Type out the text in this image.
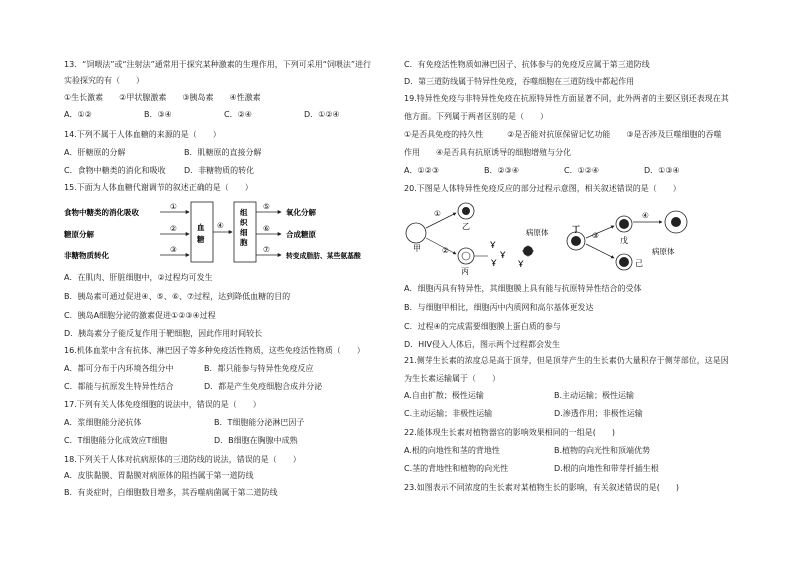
13．“饲喂法”或“注射法”通常用于探究某种激素的生理作用，下列可采用“饲喂法”进行
实验探究的有（　　）
①生长激素　　②甲状腺激素　　③胰岛素　　④性激素
A．①②	B．③④	C．②④	D．①②④
14.下列不属于人体血糖的来源的是（　　）
A．肝糖原的分解	B．肌糖原的直接分解
C．食物中糖类的消化和吸收 D．非糖物质的转化
15.下面为人体血糖代谢调节的叙述正确的是（　　）
食物中糖类的消化吸收
糖原分解
非糖物质转化
①
②
③
血糖
④
组织细胞
⑤
⑥
⑦
氧化分解
合成糖原
转变成脂肪、某些氨基酸
A．在肌肉、肝脏细胞中，②过程均可发生
B．胰岛素可通过促进④、⑤、⑥、⑦过程，达到降低血糖的目的
C．胰岛A细胞分泌的激素促进①②③④过程
D．胰岛素分子能反复作用于靶细胞，因此作用时间较长
16.机体血浆中含有抗体、淋巴因子等多种免疫活性物质，这些免疫活性物质（　　）
A．都可分布于内环境各组分中	B．都只能参与特异性免疫反应
C．都能与抗原发生特异性结合	D．都是产生免疫细胞合成并分泌
17.下列有关人体免疫细胞的说法中，错误的是（　　）
A．浆细胞能分泌抗体	B．T细胞能分泌淋巴因子
C．T细胞能分化成效应T细胞	D．B细胞在胸腺中成熟
18.下列关于人体对抗病原体的三道防线的说法，错误的是（　　）
A．皮肤黏膜、胃黏膜对病原体的阻挡属于第一道防线
B．有炎症时，白细胞数目增多，其吞噬病菌属于第二道防线
C．有免疫活性物质如淋巴因子、抗体参与的免疫反应属于第三道防线
D．第三道防线属于特异性免疫，吞噬细胞在三道防线中都起作用
19.特异性免疫与非特异性免疫在抗原特异性方面显著不同，此外两者的主要区别还表现在其
他方面。下列属于两者区别的是（　　）
①是否具免疫的持久性　　　②是否能对抗原保留记忆功能　　③是否涉及巨噬细胞的吞噬
作用　　④是否具有抗原诱导的细胞增殖与分化
A．①②③	B．②③④	C．①②④	D．①③④
20.下图是人体特异性免疫反应的部分过程示意图，相关叙述错误的是（　　）
甲
①
②
乙
丙
Ұ
Ұ
Ұ
病原体
Ұ
丁
③
戊
己
④
病原体
A．细胞丙具有特异性，其细胞膜上具有能与抗原特异性结合的受体
B．与细胞甲相比，细胞丙中内质网和高尔基体更发达
C．过程④的完成需要细胞膜上蛋白质的参与
D．HIV侵入人体后，图示两个过程都会发生
21.侧芽生长素的浓度总是高于顶芽，但是顶芽产生的生长素仍大量积存于侧芽部位，这是因
为生长素运输属于（　　）
A.自由扩散；极性运输	B.主动运输；极性运输
C.主动运输；非极性运输	D.渗透作用；非极性运输
22.能体现生长素对植物器官的影响效果相同的一组是(　　)
A.根的向地性和茎的背地性	B.植物的向光性和顶端优势
C.茎的背地性和植物的向光性	D.根的向地性和带芽扦插生根
23.如图表示不同浓度的生长素对某植物生长的影响，有关叙述错误的是(　　)
